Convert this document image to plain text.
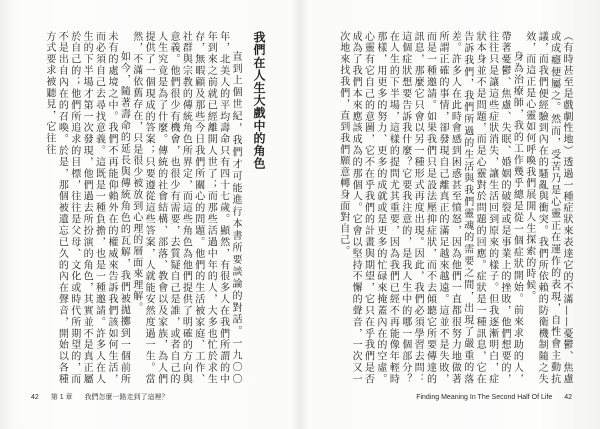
我們在人生大戲中的角色

直到上個世紀，我們才可能進行本書所要談論的對話。一九〇〇年，北美人的平均壽命只有四十七歲。顯然，有很多人在我們所謂的中年到來之前就已經離開人世了；而那些活過中年的人，大多也忙於求生存，無暇顧及那些今日我們所關心的問題。他們的生活被家庭、工作、社群與宗教的傳統角色所界定，而這些角色為他們提供了明確的方向與意義。他們很少有機會，也很少有需要，去質疑自己是誰，或者自己的人生究竟是為了什麼。傳統的社會結構、部落、教會以及家族，為人們提供了一個現成的答案；只要遵從這些答案，人就能安然度過一生。當然，不滿依舊存在，只是很少被放到心理的層面來理解。

如今，隨著壽命的延長與傳統角色的瓦解，我們被拋擲到一個前所未有的處境之中。我們不再能仰賴外在的權威來告訴我們該如何生活，而必須自己去尋找意義。這既是一種負擔，也是一種邀請。許多人在人生的下半場才第一次發現，他們過去所扮演的角色，其實並不是真正屬於自己的；他們所追求的目標，往往是父母、文化或時代所期望的，而不是出自內在的召喚。於是，那個被遺忘已久的內在聲音，開始以各種方式要求被聽見，它往往

42 第 1 章 我們怎麼一路走到了這裡？

（有時甚至是戲劇性地）透過一種症狀來表達它的不滿——憂鬱、焦慮或成癮便屬之。然而，受苦乃是心靈正在運作的表現，自性會主動抗議，而我們便經驗到內在的騷亂與衝突。我們所依賴的防衛機制隨之失效，而這正是心靈如何呼喚我們展開人生探索的時候。

身為治療師，我的工作幾乎總是從一個症狀開始。前來求助的人，帶著憂鬱、焦慮、失眠、婚姻的破裂或是事業上的挫敗，他們想要的，往往只是讓這些症狀消失，讓生活回到原來的樣子。但我逐漸明白，症狀本身並不是問題，而是心靈對於問題的回應。症狀是一種訊息，它在告訴我們，我們所過的生活與我們靈魂的需要之間，出現了嚴重的落差。許多人在此時會感到困惑甚至憤怒，因為他們一直都很努力地做著所謂正確的事情，卻發現自己離真正的滿足越來越遠。這並不是失敗，而是一種邀請。如果我們只是設法壓抑症狀，而不去傾聽它所要傳達的訊息，那麼它只會以另一種形式再度出現。因此，我們必須學習去問：這個症狀想要告訴我什麼？它要我注意的，是我人生中的哪一個部分？在人生的下半場，這樣的提問尤其重要，因為我們已經不再能像年輕時那樣，用更多的努力、更多的成就或是更多的忙碌來掩蓋內在的空虛。心靈有它自己的意圖，它不在乎我們的計畫與期望，它只在乎我們是否成為了我們本來應該成為的那個人。它會以堅持不懈的聲音，一次又一次地來找我們，直到我們願意轉身面對自己。

Finding Meaning In The Second Half Of Life 42
